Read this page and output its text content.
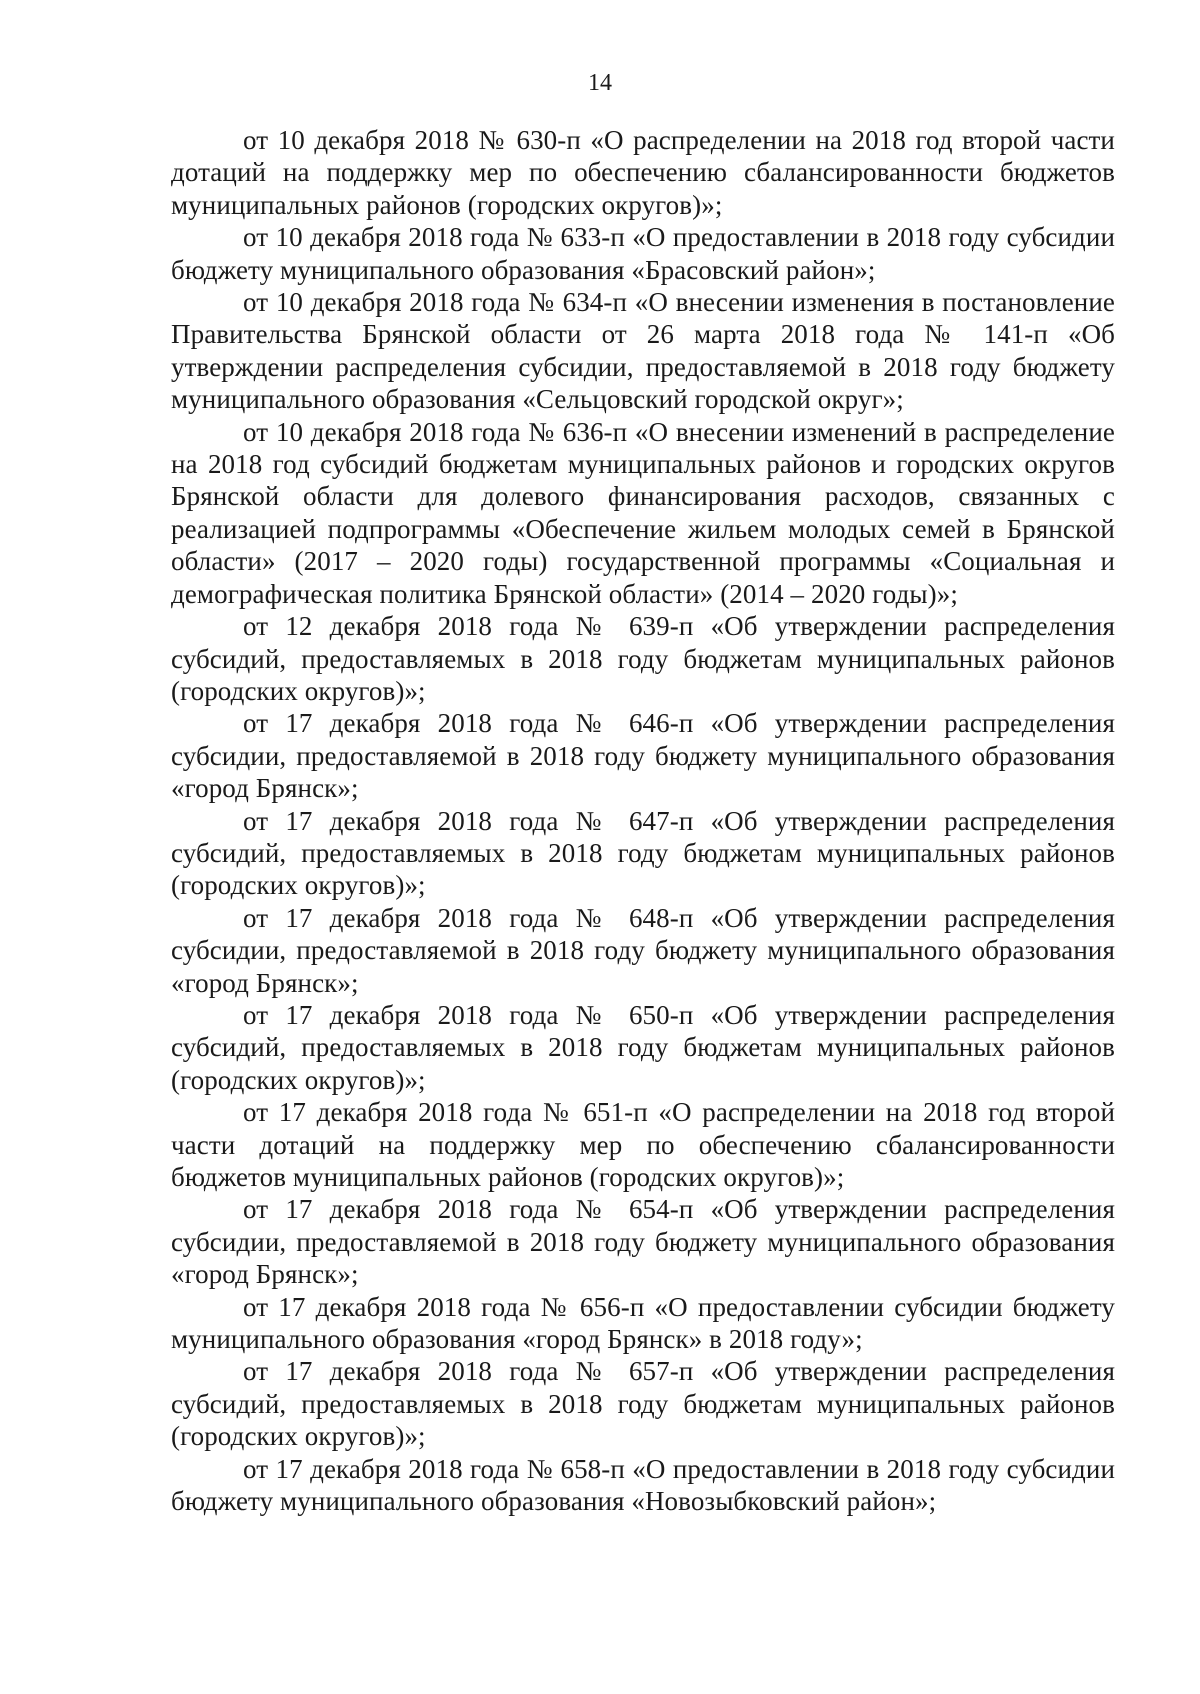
14

от 10 декабря 2018 № 630-п «О распределении на 2018 год второй части дотаций на поддержку мер по обеспечению сбалансированности бюджетов муниципальных районов (городских округов)»;

от 10 декабря 2018 года № 633-п «О предоставлении в 2018 году субсидии бюджету муниципального образования «Брасовский район»;

от 10 декабря 2018 года № 634-п «О внесении изменения в постановление Правительства Брянской области от 26 марта 2018 года № 141-п «Об утверждении распределения субсидии, предоставляемой в 2018 году бюджету муниципального образования «Сельцовский городской округ»;

от 10 декабря 2018 года № 636-п «О внесении изменений в распределение на 2018 год субсидий бюджетам муниципальных районов и городских округов Брянской области для долевого финансирования расходов, связанных с реализацией подпрограммы «Обеспечение жильем молодых семей в Брянской области» (2017 – 2020 годы) государственной программы «Социальная и демографическая политика Брянской области» (2014 – 2020 годы)»;

от 12 декабря 2018 года № 639-п «Об утверждении распределения субсидий, предоставляемых в 2018 году бюджетам муниципальных районов (городских округов)»;

от 17 декабря 2018 года № 646-п «Об утверждении распределения субсидии, предоставляемой в 2018 году бюджету муниципального образования «город Брянск»;

от 17 декабря 2018 года № 647-п «Об утверждении распределения субсидий, предоставляемых в 2018 году бюджетам муниципальных районов (городских округов)»;

от 17 декабря 2018 года № 648-п «Об утверждении распределения субсидии, предоставляемой в 2018 году бюджету муниципального образования «город Брянск»;

от 17 декабря 2018 года № 650-п «Об утверждении распределения субсидий, предоставляемых в 2018 году бюджетам муниципальных районов (городских округов)»;

от 17 декабря 2018 года № 651-п «О распределении на 2018 год второй части дотаций на поддержку мер по обеспечению сбалансированности бюджетов муниципальных районов (городских округов)»;

от 17 декабря 2018 года № 654-п «Об утверждении распределения субсидии, предоставляемой в 2018 году бюджету муниципального образования «город Брянск»;

от 17 декабря 2018 года № 656-п «О предоставлении субсидии бюджету муниципального образования «город Брянск» в 2018 году»;

от 17 декабря 2018 года № 657-п «Об утверждении распределения субсидий, предоставляемых в 2018 году бюджетам муниципальных районов (городских округов)»;

от 17 декабря 2018 года № 658-п «О предоставлении в 2018 году субсидии бюджету муниципального образования «Новозыбковский район»;
